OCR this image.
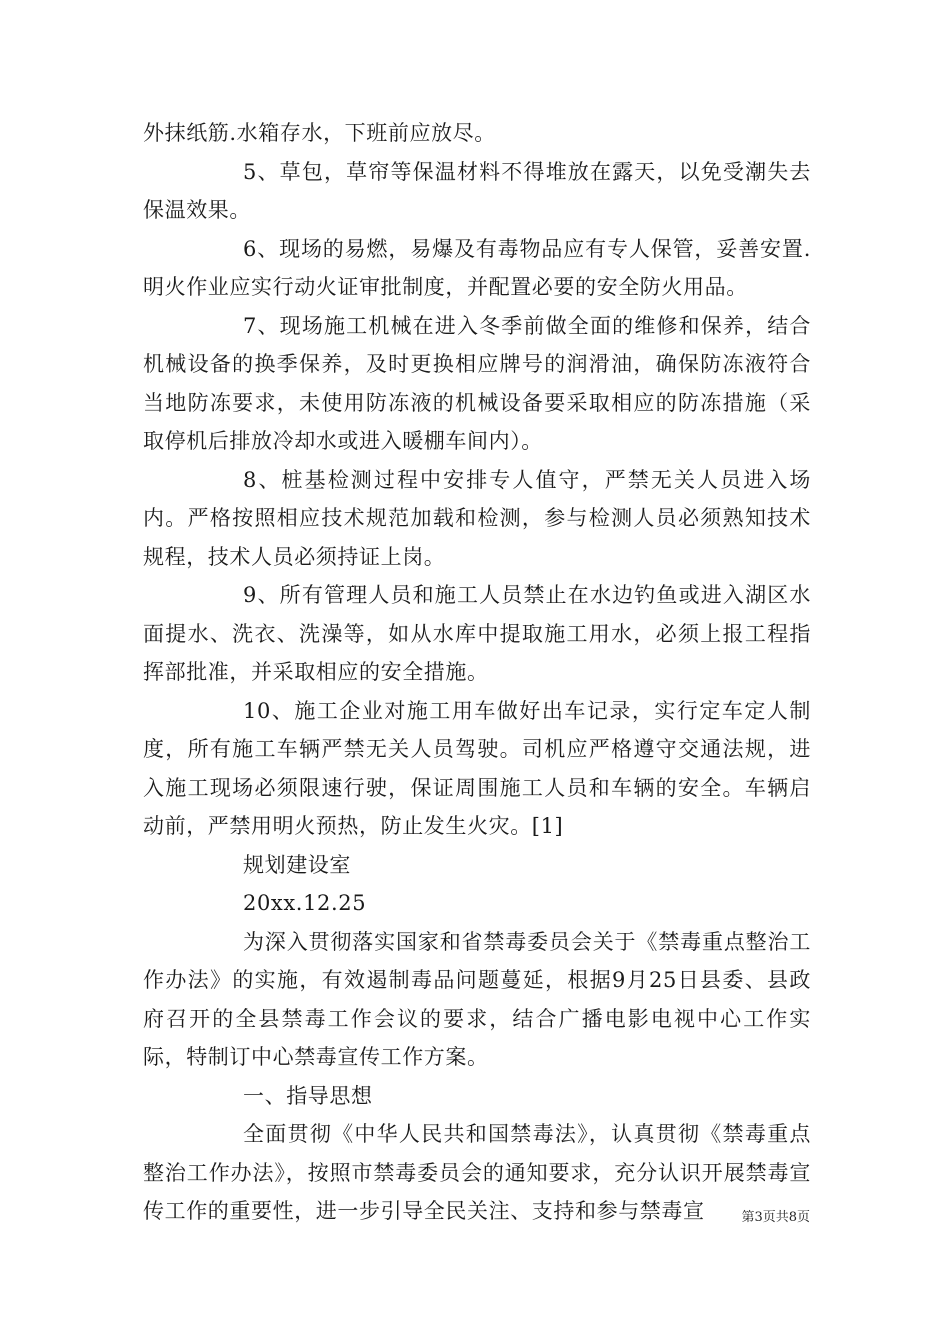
外抹纸筋.水箱存水，下班前应放尽。

5、草包，草帘等保温材料不得堆放在露天，以免受潮失去保温效果。

6、现场的易燃，易爆及有毒物品应有专人保管，妥善安置.明火作业应实行动火证审批制度，并配置必要的安全防火用品。

7、现场施工机械在进入冬季前做全面的维修和保养，结合机械设备的换季保养，及时更换相应牌号的润滑油，确保防冻液符合当地防冻要求，未使用防冻液的机械设备要采取相应的防冻措施（采取停机后排放冷却水或进入暖棚车间内）。

8、桩基检测过程中安排专人值守，严禁无关人员进入场内。严格按照相应技术规范加载和检测，参与检测人员必须熟知技术规程，技术人员必须持证上岗。

9、所有管理人员和施工人员禁止在水边钓鱼或进入湖区水面提水、洗衣、洗澡等，如从水库中提取施工用水，必须上报工程指挥部批准，并采取相应的安全措施。

10、施工企业对施工用车做好出车记录，实行定车定人制度，所有施工车辆严禁无关人员驾驶。司机应严格遵守交通法规，进入施工现场必须限速行驶，保证周围施工人员和车辆的安全。车辆启动前，严禁用明火预热，防止发生火灾。[1]

规划建设室

20xx.12.25

为深入贯彻落实国家和省禁毒委员会关于《禁毒重点整治工作办法》的实施，有效遏制毒品问题蔓延，根据9月25日县委、县政府召开的全县禁毒工作会议的要求，结合广播电影电视中心工作实际，特制订中心禁毒宣传工作方案。

一、指导思想

全面贯彻《中华人民共和国禁毒法》，认真贯彻《禁毒重点整治工作办法》，按照市禁毒委员会的通知要求，充分认识开展禁毒宣传工作的重要性，进一步引导全民关注、支持和参与禁毒宣	第3页共8页
